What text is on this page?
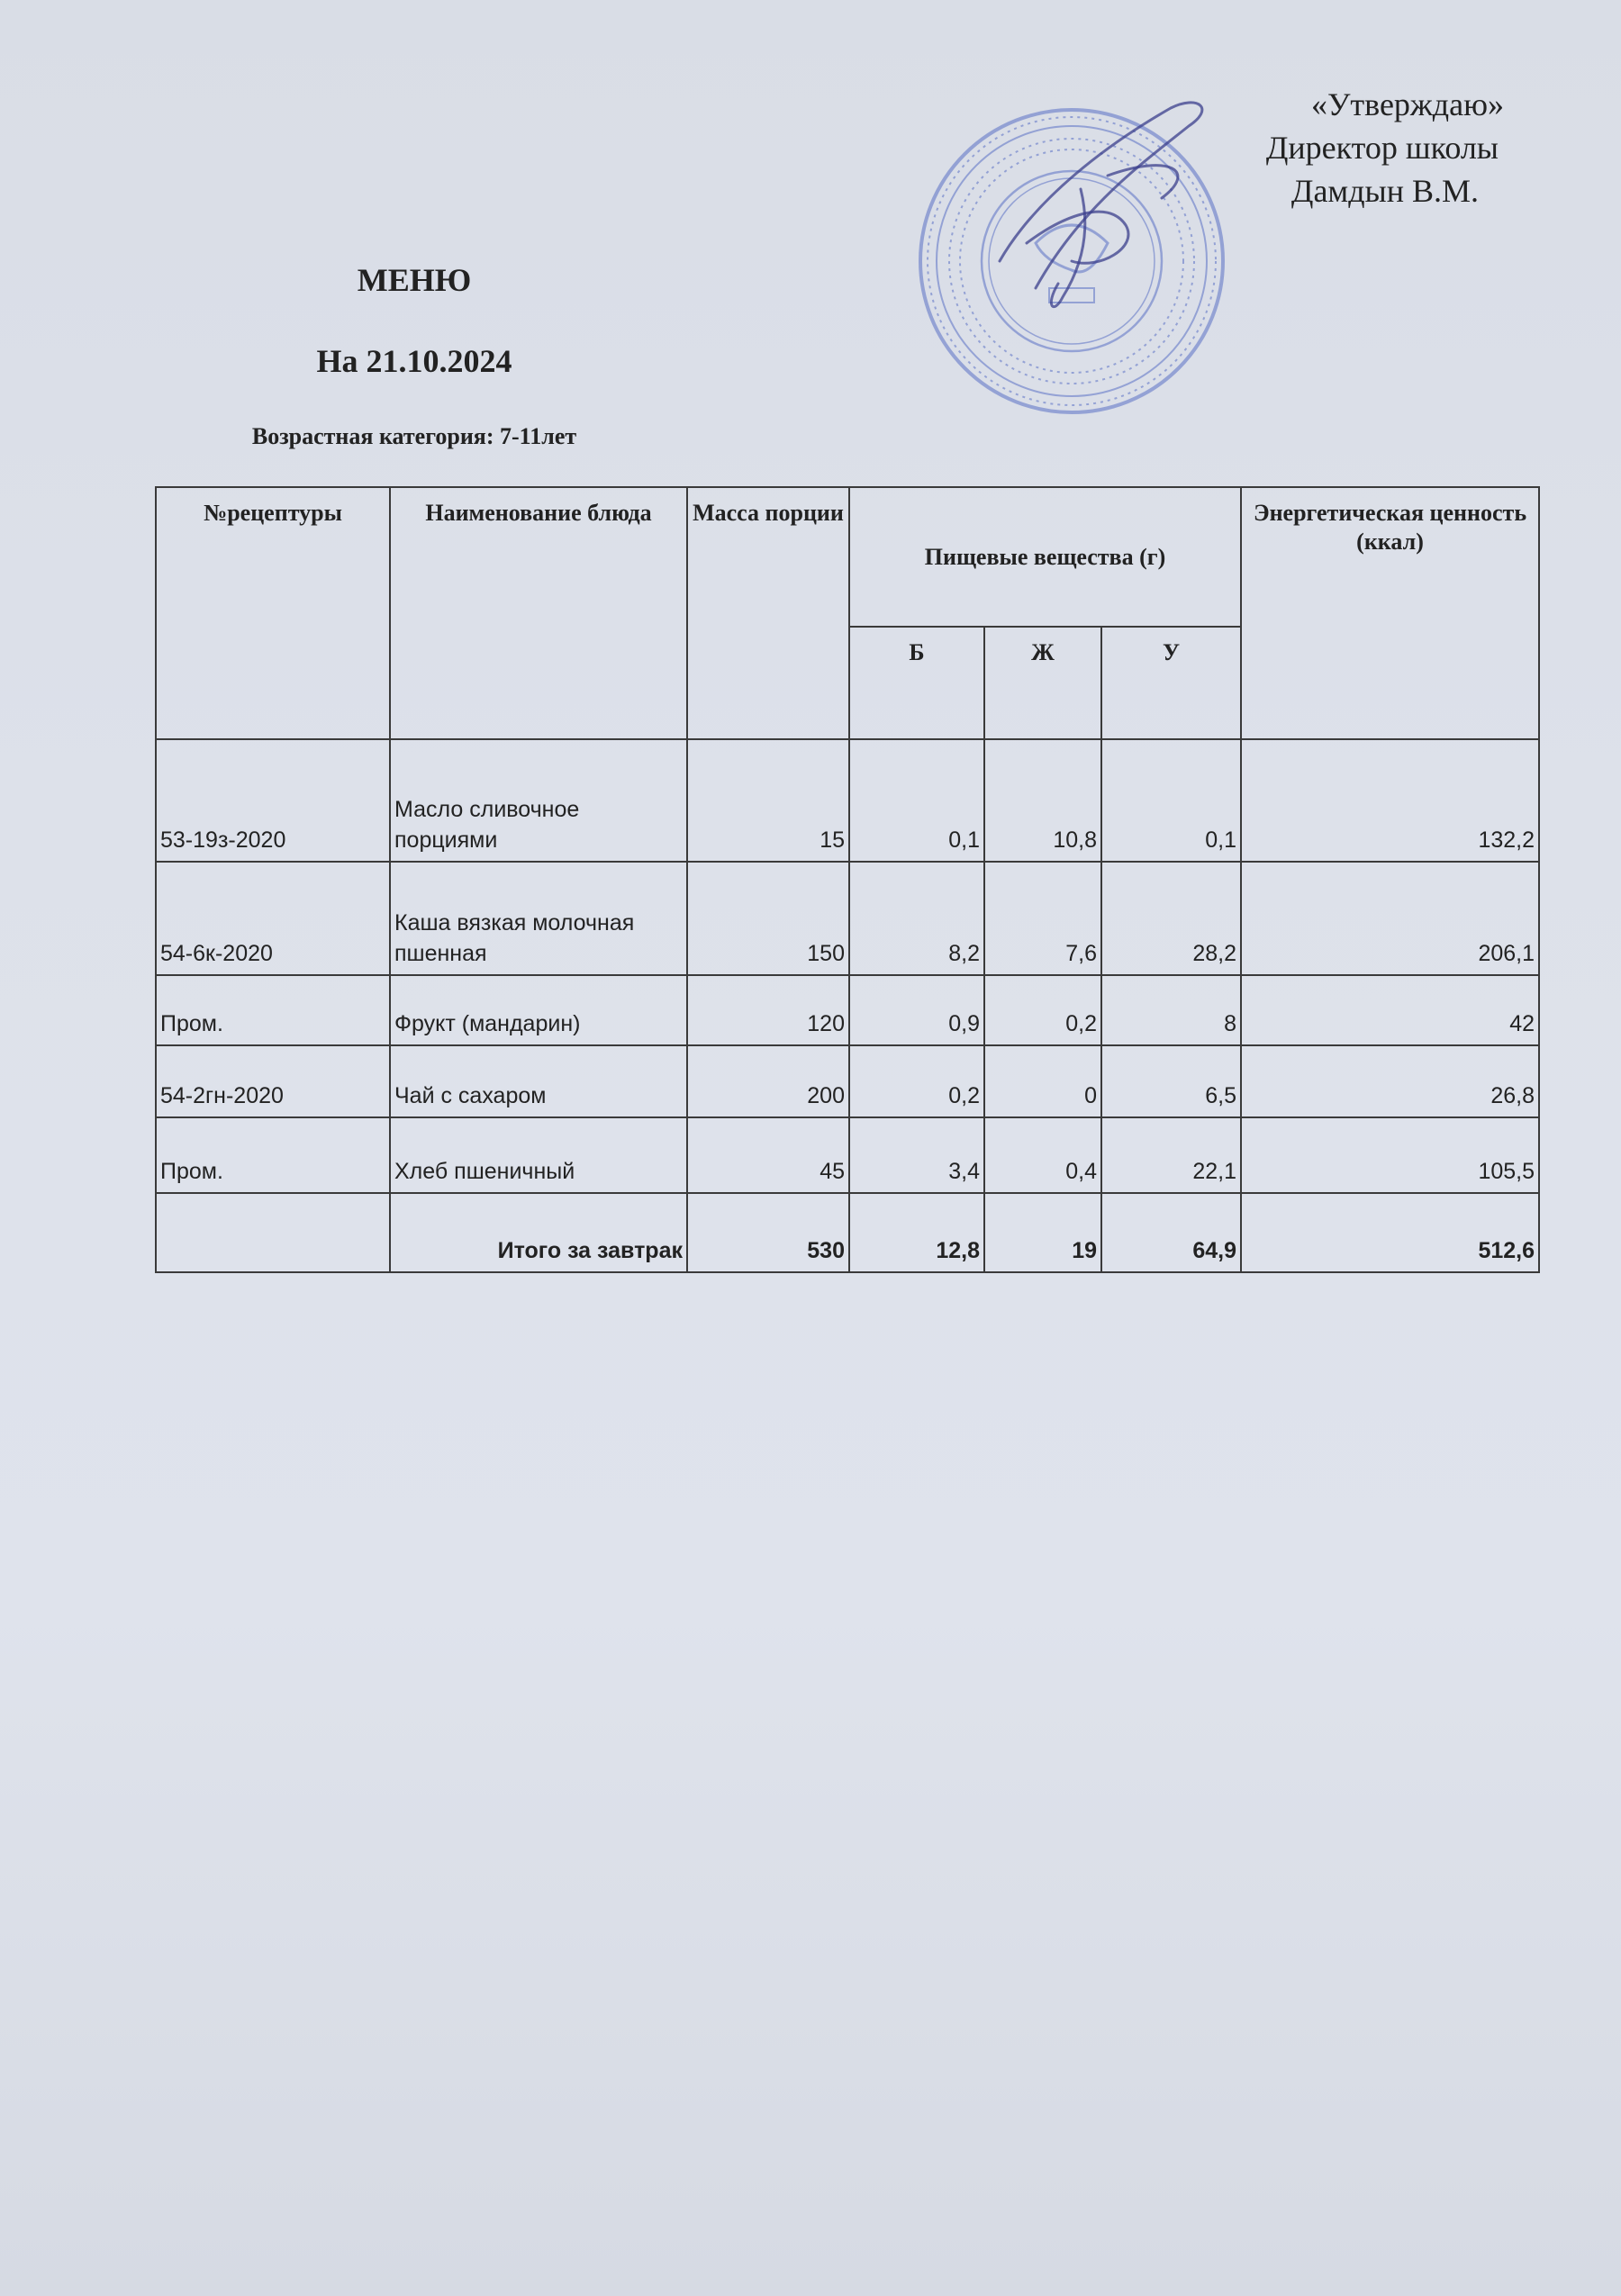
«Утверждаю»
Директор школы
Дамдын В.М.
МЕНЮ
На 21.10.2024
Возрастная категория: 7-11лет
№рецептуры	Наименование блюда	Масса порции	Пищевые вещества (г)			Энергетическая ценность (ккал)
			Б	Ж	У	
53-19з-2020	Масло сливочное порциями	15	0,1	10,8	0,1	132,2
54-6к-2020	Каша вязкая молочная пшенная	150	8,2	7,6	28,2	206,1
Пром.	Фрукт (мандарин)	120	0,9	0,2	8	42
54-2гн-2020	Чай с сахаром	200	0,2	0	6,5	26,8
Пром.	Хлеб пшеничный	45	3,4	0,4	22,1	105,5
	Итого за завтрак	530	12,8	19	64,9	512,6
